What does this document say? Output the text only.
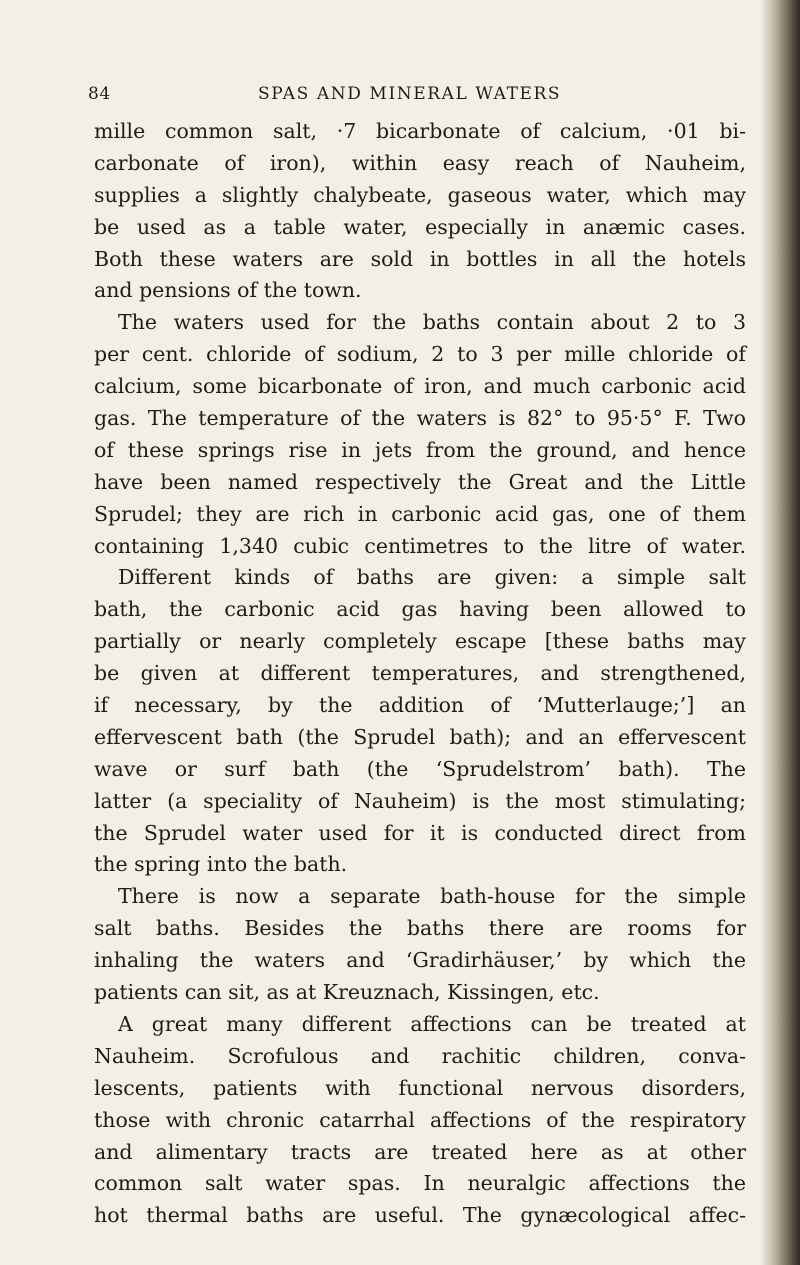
84	SPAS AND MINERAL WATERS
mille common salt, ·7 bicarbonate of calcium, ·01 bi-
carbonate of iron), within easy reach of Nauheim,
supplies a slightly chalybeate, gaseous water, which may
be used as a table water, especially in anæmic cases.
Both these waters are sold in bottles in all the hotels
and pensions of the town.
The waters used for the baths contain about 2 to 3
per cent. chloride of sodium, 2 to 3 per mille chloride of
calcium, some bicarbonate of iron, and much carbonic acid
gas. The temperature of the waters is 82° to 95·5° F. Two
of these springs rise in jets from the ground, and hence
have been named respectively the Great and the Little
Sprudel; they are rich in carbonic acid gas, one of them
containing 1,340 cubic centimetres to the litre of water.
Different kinds of baths are given: a simple salt
bath, the carbonic acid gas having been allowed to
partially or nearly completely escape [these baths may
be given at different temperatures, and strengthened,
if necessary, by the addition of ‘Mutterlauge;’] an
effervescent bath (the Sprudel bath); and an effervescent
wave or surf bath (the ‘Sprudelstrom’ bath). The
latter (a speciality of Nauheim) is the most stimulating;
the Sprudel water used for it is conducted direct from
the spring into the bath.
There is now a separate bath-house for the simple
salt baths. Besides the baths there are rooms for
inhaling the waters and ‘Gradirhäuser,’ by which the
patients can sit, as at Kreuznach, Kissingen, etc.
A great many different affections can be treated at
Nauheim. Scrofulous and rachitic children, conva-
lescents, patients with functional nervous disorders,
those with chronic catarrhal affections of the respiratory
and alimentary tracts are treated here as at other
common salt water spas. In neuralgic affections the
hot thermal baths are useful. The gynæcological affec-
